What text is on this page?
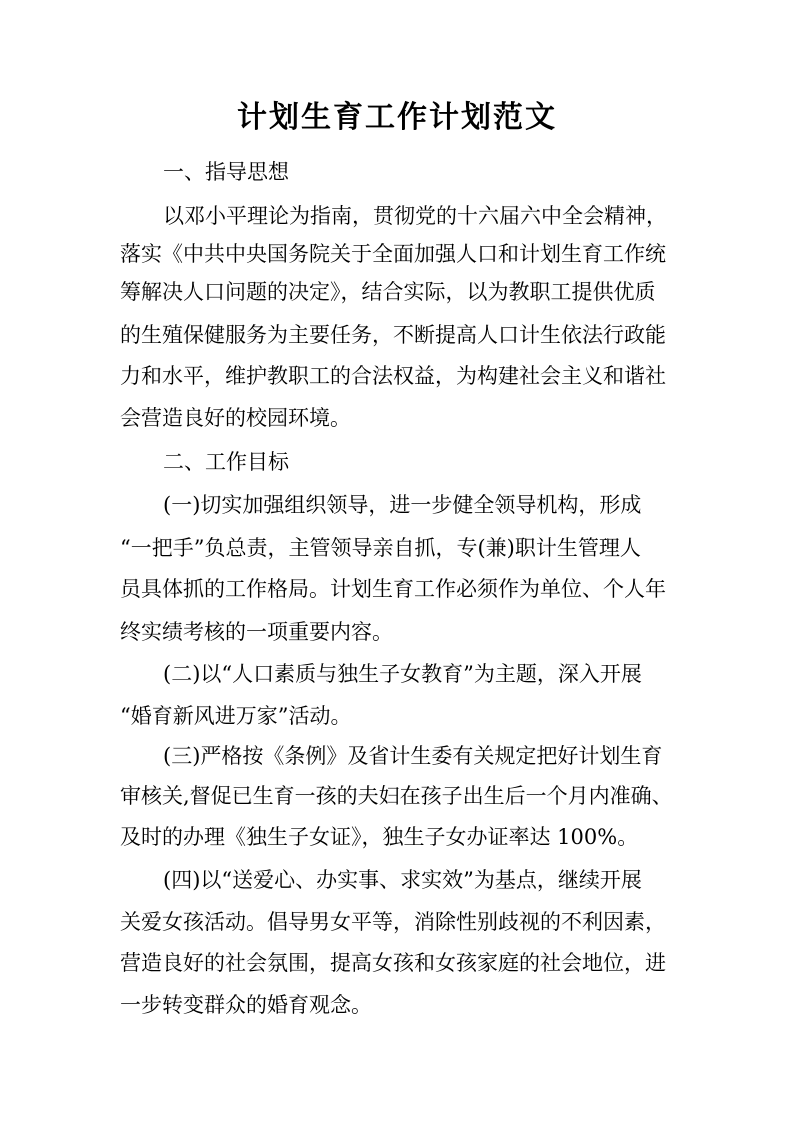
计划生育工作计划范文

一、指导思想

以邓小平理论为指南，贯彻党的十六届六中全会精神，

落实《中共中央国务院关于全面加强人口和计划生育工作统

筹解决人口问题的决定》，结合实际，以为教职工提供优质

的生殖保健服务为主要任务，不断提高人口计生依法行政能

力和水平，维护教职工的合法权益，为构建社会主义和谐社

会营造良好的校园环境。

二、工作目标

(一)切实加强组织领导，进一步健全领导机构，形成

“一把手”负总责，主管领导亲自抓，专(兼)职计生管理人

员具体抓的工作格局。计划生育工作必须作为单位、个人年

终实绩考核的一项重要内容。

(二)以“人口素质与独生子女教育”为主题，深入开展

“婚育新风进万家”活动。

(三)严格按《条例》及省计生委有关规定把好计划生育

审核关,督促已生育一孩的夫妇在孩子出生后一个月内准确、

及时的办理《独生子女证》，独生子女办证率达 100%。

(四)以“送爱心、办实事、求实效”为基点，继续开展

关爱女孩活动。倡导男女平等，消除性别歧视的不利因素，

营造良好的社会氛围，提高女孩和女孩家庭的社会地位，进

一步转变群众的婚育观念。
